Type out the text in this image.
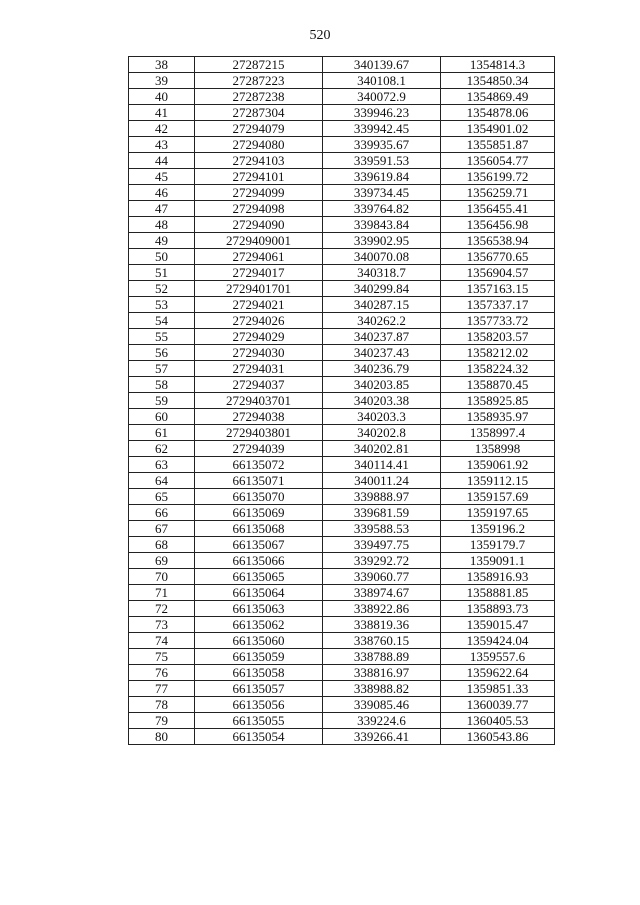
520
38	27287215	340139.67	1354814.3
39	27287223	340108.1	1354850.34
40	27287238	340072.9	1354869.49
41	27287304	339946.23	1354878.06
42	27294079	339942.45	1354901.02
43	27294080	339935.67	1355851.87
44	27294103	339591.53	1356054.77
45	27294101	339619.84	1356199.72
46	27294099	339734.45	1356259.71
47	27294098	339764.82	1356455.41
48	27294090	339843.84	1356456.98
49	2729409001	339902.95	1356538.94
50	27294061	340070.08	1356770.65
51	27294017	340318.7	1356904.57
52	2729401701	340299.84	1357163.15
53	27294021	340287.15	1357337.17
54	27294026	340262.2	1357733.72
55	27294029	340237.87	1358203.57
56	27294030	340237.43	1358212.02
57	27294031	340236.79	1358224.32
58	27294037	340203.85	1358870.45
59	2729403701	340203.38	1358925.85
60	27294038	340203.3	1358935.97
61	2729403801	340202.8	1358997.4
62	27294039	340202.81	1358998
63	66135072	340114.41	1359061.92
64	66135071	340011.24	1359112.15
65	66135070	339888.97	1359157.69
66	66135069	339681.59	1359197.65
67	66135068	339588.53	1359196.2
68	66135067	339497.75	1359179.7
69	66135066	339292.72	1359091.1
70	66135065	339060.77	1358916.93
71	66135064	338974.67	1358881.85
72	66135063	338922.86	1358893.73
73	66135062	338819.36	1359015.47
74	66135060	338760.15	1359424.04
75	66135059	338788.89	1359557.6
76	66135058	338816.97	1359622.64
77	66135057	338988.82	1359851.33
78	66135056	339085.46	1360039.77
79	66135055	339224.6	1360405.53
80	66135054	339266.41	1360543.86
